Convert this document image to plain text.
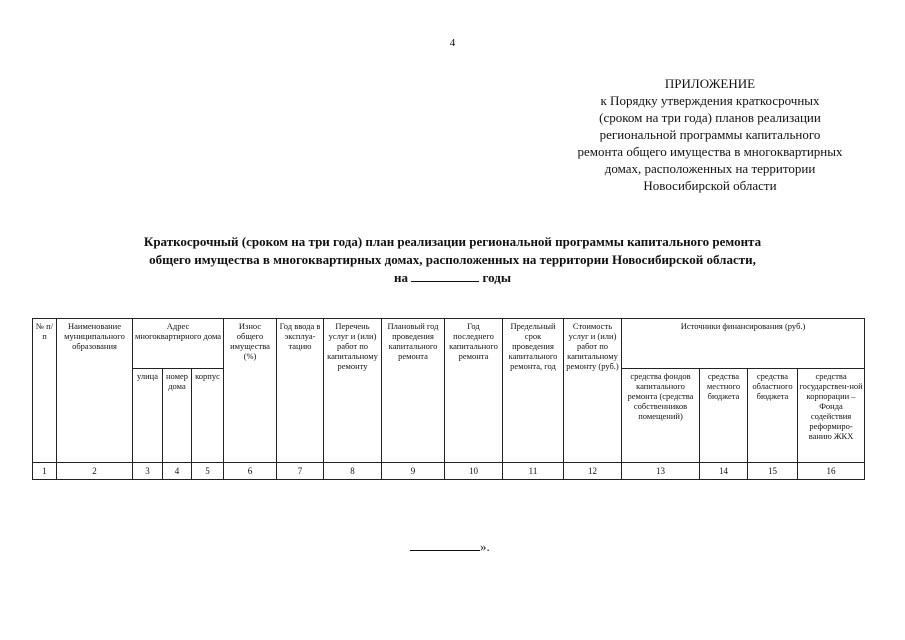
4
ПРИЛОЖЕНИЕ
к Порядку утверждения краткосрочных
(сроком на три года) планов реализации
региональной программы капитального
ремонта общего имущества в многоквартирных
домах, расположенных на территории
Новосибирской области
Краткосрочный (сроком на три года) план реализации региональной программы капитального ремонта
общего имущества в многоквартирных домах, расположенных на территории Новосибирской области,
на	годы
№ п/п	Наименование муниципального образования	Адрес многоквартирного дома			Износ общего имущества (%)	Год ввода в эксплуа-тацию	Перечень услуг и (или) работ по капитальному ремонту	Плановый год проведения капитального ремонта	Год последнего капитального ремонта	Предельный срок проведения капитального ремонта, год	Стоимость услуг и (или) работ по капитальному ремонту (руб.)	Источники финансирования (руб.)			
		улица	номер дома	корпус								средства фондов капитального ремонта (средства собственников помещений)	средства местного бюджета	средства областного бюджета	средства государствен-ной корпорации – Фонда содействия реформиро-ванию ЖКХ
1	2	3	4	5	6	7	8	9	10	11	12	13	14	15	16
».
